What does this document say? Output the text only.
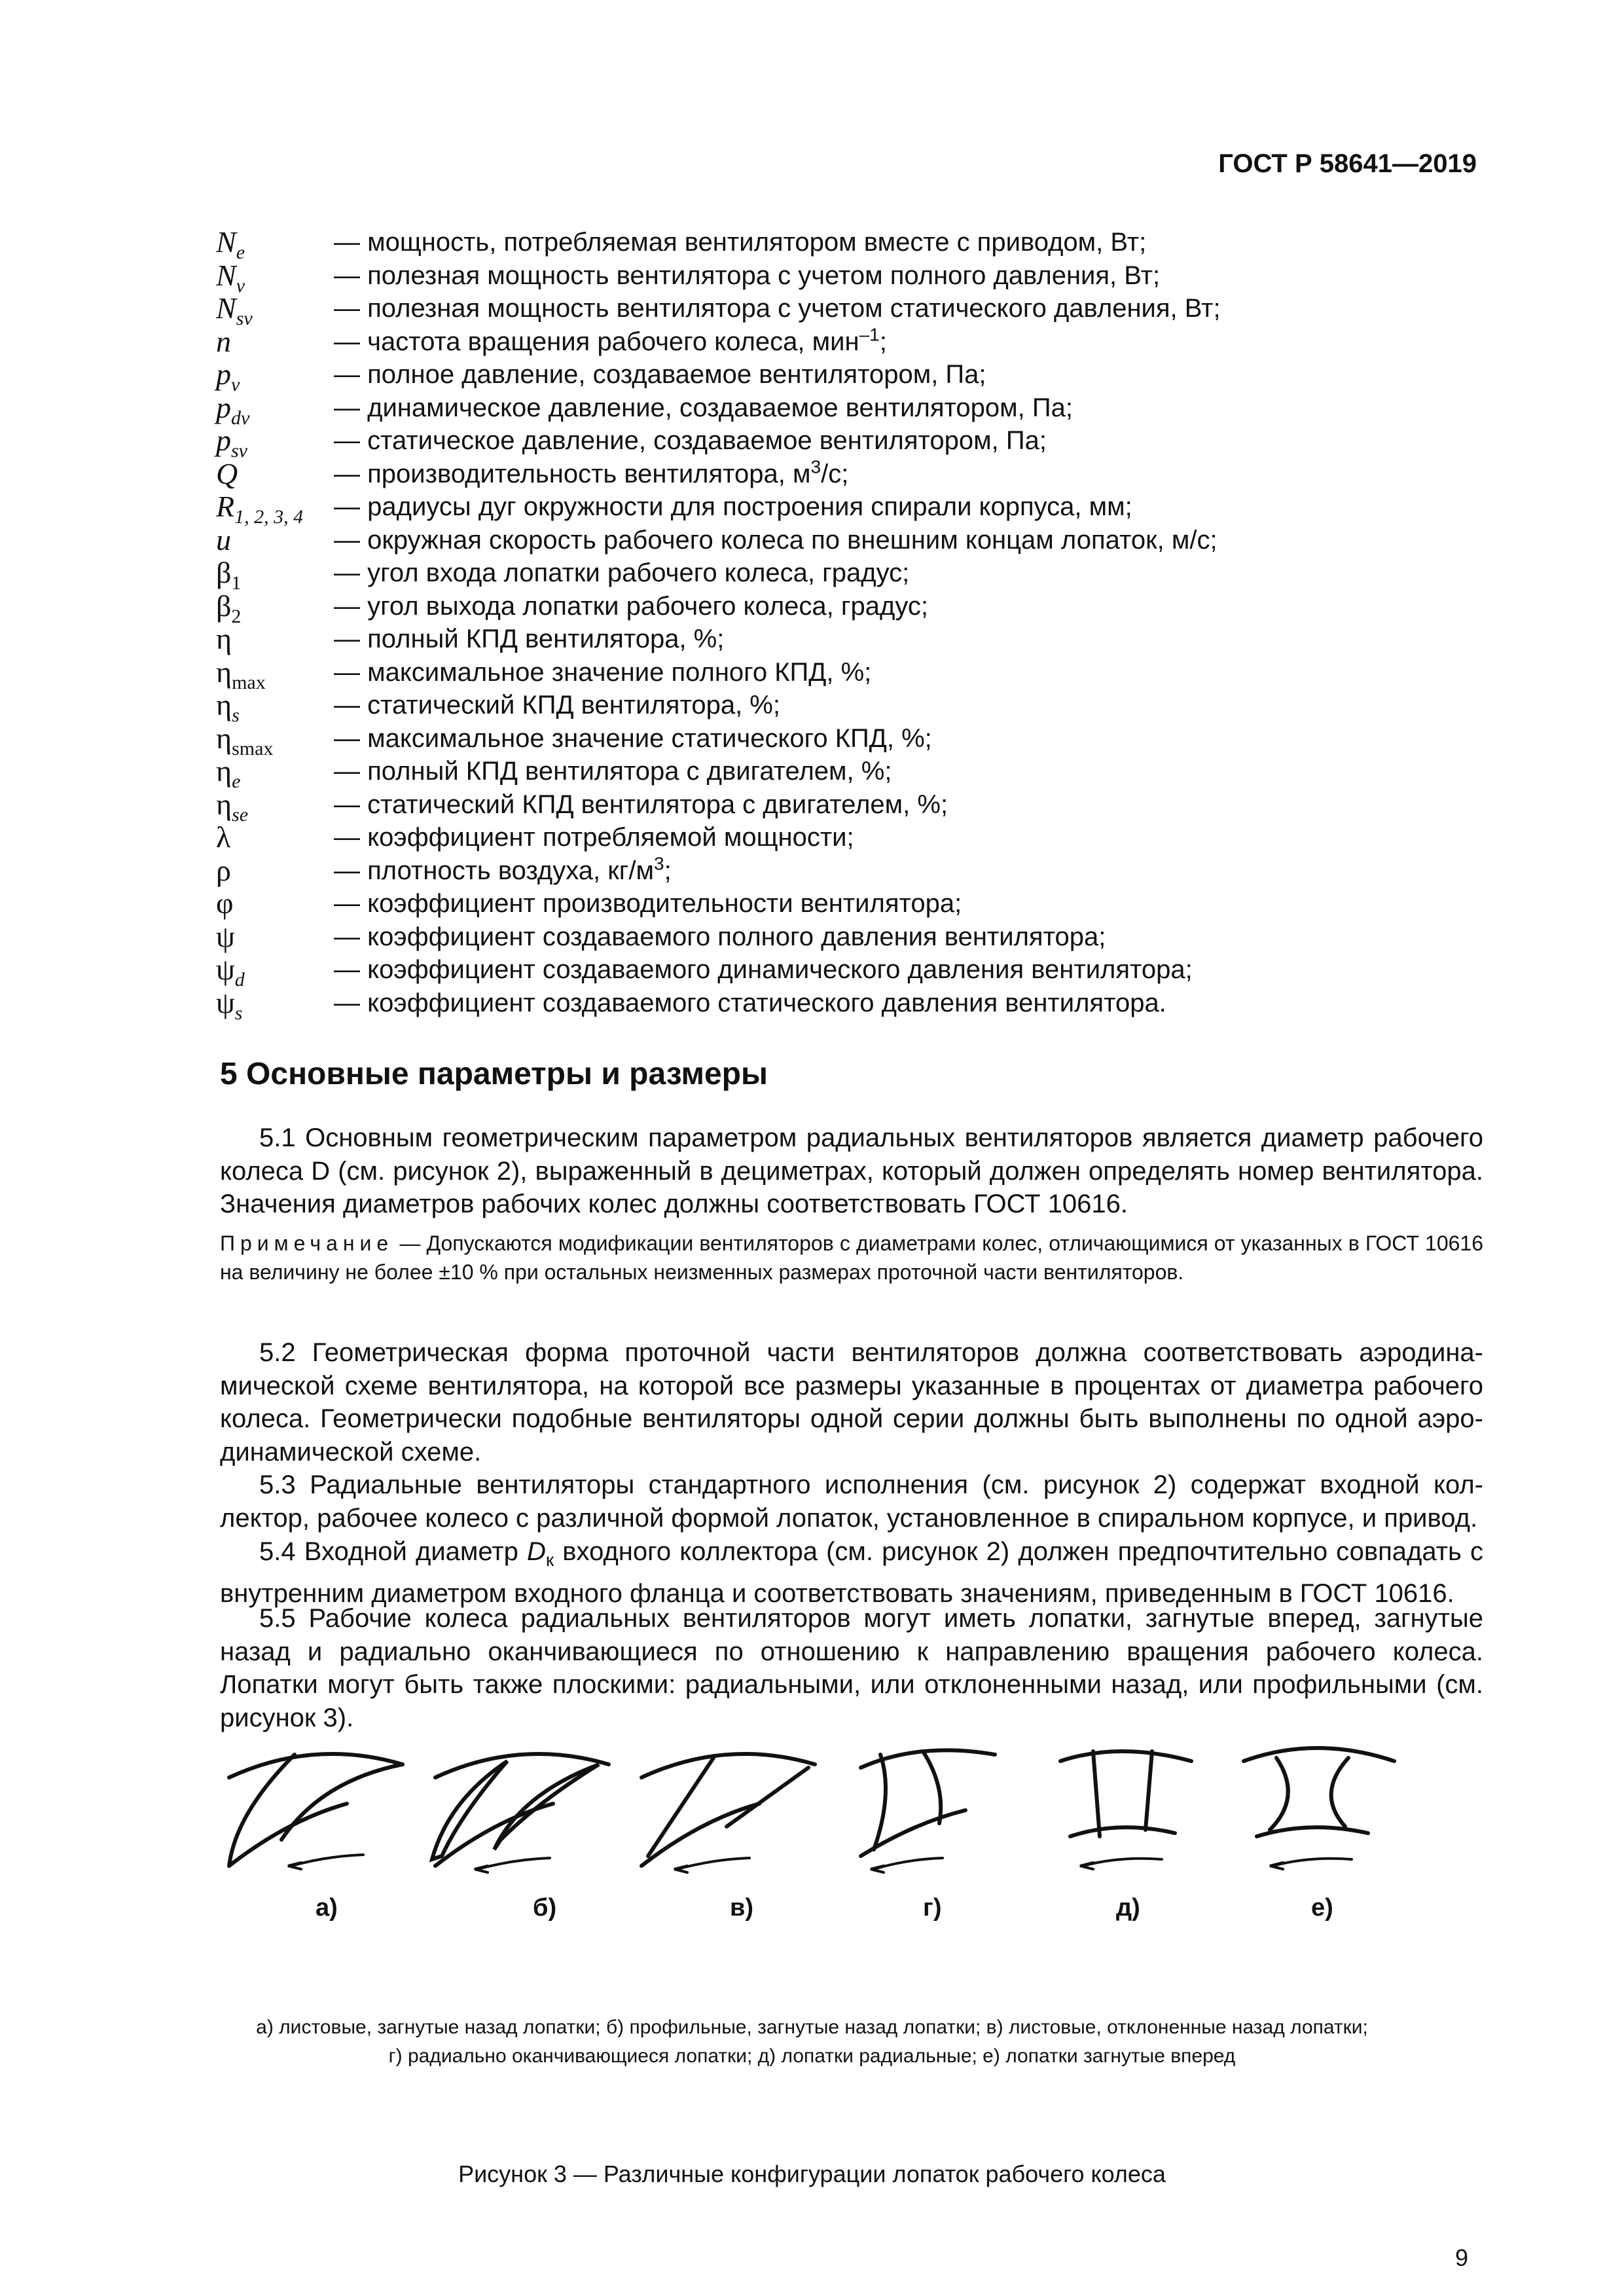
ГОСТ Р 58641—2019
$N_e$	— мощность, потребляемая вентилятором вместе с приводом, Вт;
$N_v$	— полезная мощность вентилятора с учетом полного давления, Вт;
$N_{sv}$	— полезная мощность вентилятора с учетом статического давления, Вт;
n	— частота вращения рабочего колеса, мин$^{-1}$;
$p_v$	— полное давление, создаваемое вентилятором, Па;
$p_{dv}$	— динамическое давление, создаваемое вентилятором, Па;
$p_{sv}$	— статическое давление, создаваемое вентилятором, Па;
Q	— производительность вентилятора, $м^3/с$;
$R_{1, 2, 3, 4}$ — радиусы дуг окружности для построения спирали корпуса, мм;
u	— окружная скорость рабочего колеса по внешним концам лопаток, м/с;
$\beta_1$	— угол входа лопатки рабочего колеса, градус;
$\beta_2$	— угол выхода лопатки рабочего колеса, градус;
η	— полный КПД вентилятора, %;
$\eta_{max}$	— максимальное значение полного КПД, %;
$\eta_s$	— статический КПД вентилятора, %;
$\eta_{smax}$ — максимальное значение статического КПД, %;
$\eta_e$	— полный КПД вентилятора с двигателем, %;
$\eta_{se}$	— статический КПД вентилятора с двигателем, %;
λ	— коэффициент потребляемой мощности;
ρ	— плотность воздуха, $кг/м^3$;
φ	— коэффициент производительности вентилятора;
ψ	— коэффициент создаваемого полного давления вентилятора;
$\psi_d$	— коэффициент создаваемого динамического давления вентилятора;
$\psi_s$	— коэффициент создаваемого статического давления вентилятора.
5 Основные параметры и размеры
5.1 Основным геометрическим параметром радиальных вентиляторов является диаметр рабочего колеса D (см. рисунок 2), выраженный в дециметрах, который должен определять номер вентилятора. Значения диаметров рабочих колес должны соответствовать ГОСТ 10616.
Примечание — Допускаются модификации вентиляторов с диаметрами колес, отличающимися от указанных в ГОСТ 10616 на величину не более ±10 % при остальных неизменных размерах проточной части вентиляторов.
5.2 Геометрическая форма проточной части вентиляторов должна соответствовать аэродинамической схеме вентилятора, на которой все размеры указанные в процентах от диаметра рабочего колеса. Геометрически подобные вентиляторы одной серии должны быть выполнены по одной аэродинамической схеме.
5.3 Радиальные вентиляторы стандартного исполнения (см. рисунок 2) содержат входной коллектор, рабочее колесо с различной формой лопаток, установленное в спиральном корпусе, и привод.
5.4 Входной диаметр $D_к$ входного коллектора (см. рисунок 2) должен предпочтительно совпадать с внутренним диаметром входного фланца и соответствовать значениям, приведенным в ГОСТ 10616.
5.5 Рабочие колеса радиальных вентиляторов могут иметь лопатки, загнутые вперед, загнутые назад и радиально оканчивающиеся по отношению к направлению вращения рабочего колеса. Лопатки могут быть также плоскими: радиальными, или отклоненными назад, или профильными (см. рисунок 3).
а)	б)	в)	г)	д)	е)
а) листовые, загнутые назад лопатки; б) профильные, загнутые назад лопатки; в) листовые, отклоненные назад лопатки;
г) радиально оканчивающиеся лопатки; д) лопатки радиальные; е) лопатки загнутые вперед
Рисунок 3 — Различные конфигурации лопаток рабочего колеса
9
